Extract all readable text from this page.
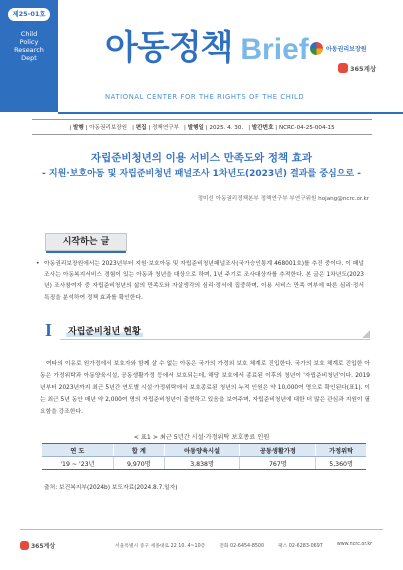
제25-01호
Child
Policy
Research
Dept	아동정책 Brief
NATIONAL CENTER FOR THE RIGHTS OF THE CHILD
아동권리보장원
365계상
| 발행 | 아동권리보장원 | 편집 | 정책연구부 | 발행일 | 2025. 4. 30. | 발간번호 | NCRC-04-25-004-15
자립준비청년의 이용 서비스 만족도와 정책 효과
- 지원·보호아동 및 자립준비청년 패널조사 1차년도(2023년) 결과를 중심으로 -
정미선 아동권리정책본부 정책연구부 부연구위원 hojang@ncrc.or.kr
시작하는 글
• 아동권리보장원에서는 2023년부터 지원·보호아동 및 자립준비청년패널조사(국가승인통계 468001호)를 추진 중이다. 이 패널조사는 아동복지서비스 경험이 있는 아동과 청년을 대상으로 하며, 1년 주기로 조사대상자를 추적한다. 본 글은 1차년도(2023년) 조사참여자 중 자립준비청년의 삶의 만족도와 자살생각의 심리·정서에 집중하며, 이용 서비스 만족 여부에 따른 심리·정서 특징을 분석하여 정책 효과를 확인한다.
I	자립준비청년 현황
여타의 이유로 원가정에서 보호자와 함께 살 수 없는 아동은 국가의 가정외 보호 체계로 진입한다. 국가의 보호 체계로 진입한 아동은 가정위탁과 아동양육시설, 공동생활가정 등에서 보호되는데, 해당 보호에서 종료된 이후의 청년이 '자립준비청년'이다. 2019년부터 2023년까지 최근 5년간 연도별 시설·가정위탁에서 보호종료된 청년의 누적 인원은 약 10,000여 명으로 확인된다(표1). 이는 최근 5년 동안 매년 약 2,000여 명의 자립준비청년이 출현하고 있음을 보여주며, 자립준비청년에 대한 더 많은 관심과 지원이 필요함을 강조한다.
< 표1 > 최근 5년간 시설·가정위탁 보호종료 인원
연 도	합 계	아동양육시설	공동생활가정	가정위탁
'19 ~ '23년	9,970명	3,838명	767명	5,360명
출처: 보건복지부(2024b) 보도자료(2024.8.7.일자)
365계상	서울특별시 중구 세종대로 22 10. 4~10층	전화 02-6454-8500	팩스 02-6283-0697	www.ncrc.or.kr
